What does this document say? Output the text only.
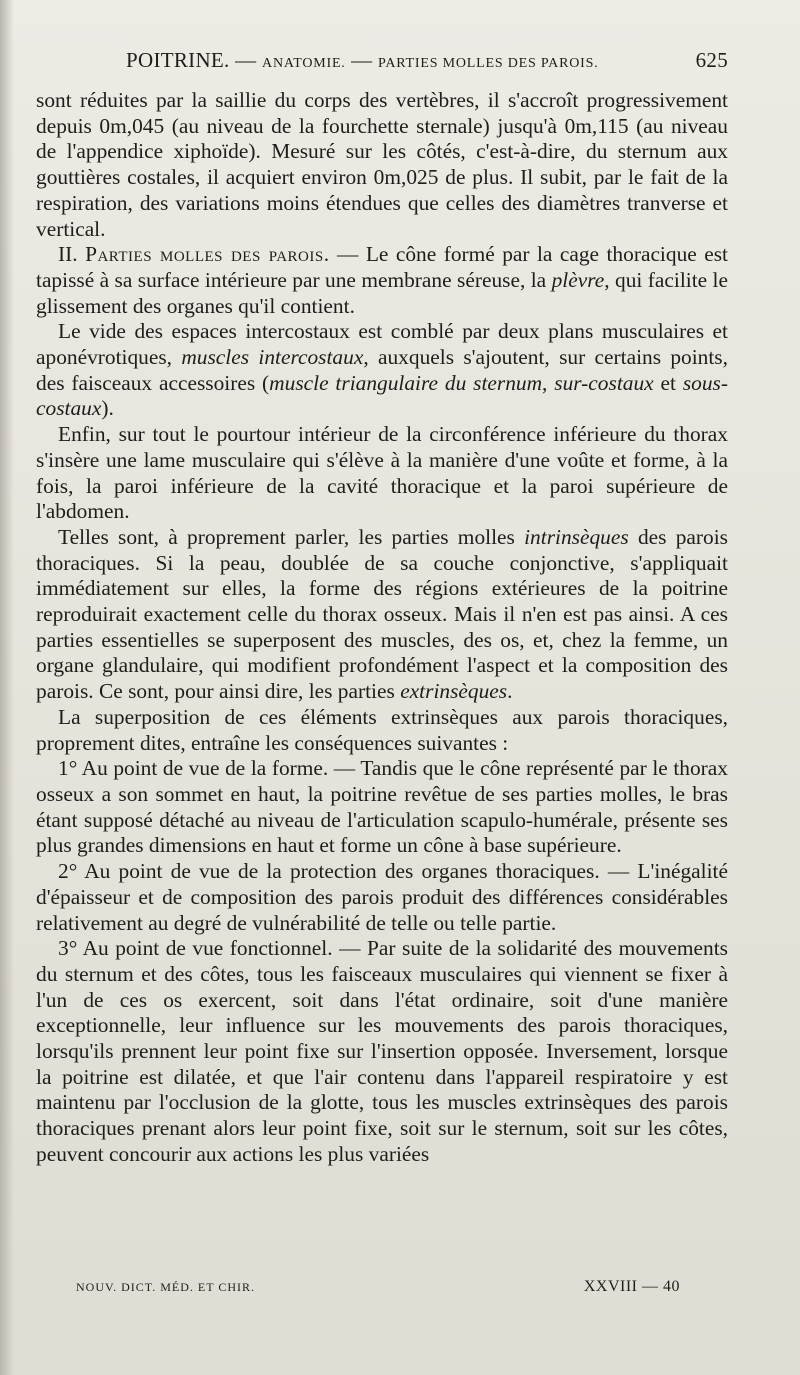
POITRINE. — ANATOMIE. — PARTIES MOLLES DES PAROIS.	625

sont réduites par la saillie du corps des vertèbres, il s'accroît progressivement depuis 0m,045 (au niveau de la fourchette sternale) jusqu'à 0m,115 (au niveau de l'appendice xiphoïde). Mesuré sur les côtés, c'est-à-dire, du sternum aux gouttières costales, il acquiert environ 0m,025 de plus. Il subit, par le fait de la respiration, des variations moins étendues que celles des diamètres tranverse et vertical.

II. Parties molles des parois. — Le cône formé par la cage thoracique est tapissé à sa surface intérieure par une membrane séreuse, la plèvre, qui facilite le glissement des organes qu'il contient.

Le vide des espaces intercostaux est comblé par deux plans musculaires et aponévrotiques, muscles intercostaux, auxquels s'ajoutent, sur certains points, des faisceaux accessoires (muscle triangulaire du sternum, sur-costaux et sous-costaux).

Enfin, sur tout le pourtour intérieur de la circonférence inférieure du thorax s'insère une lame musculaire qui s'élève à la manière d'une voûte et forme, à la fois, la paroi inférieure de la cavité thoracique et la paroi supérieure de l'abdomen.

Telles sont, à proprement parler, les parties molles intrinsèques des parois thoraciques. Si la peau, doublée de sa couche conjonctive, s'appliquait immédiatement sur elles, la forme des régions extérieures de la poitrine reproduirait exactement celle du thorax osseux. Mais il n'en est pas ainsi. A ces parties essentielles se superposent des muscles, des os, et, chez la femme, un organe glandulaire, qui modifient profondément l'aspect et la composition des parois. Ce sont, pour ainsi dire, les parties extrinsèques.

La superposition de ces éléments extrinsèques aux parois thoraciques, proprement dites, entraîne les conséquences suivantes :

1° Au point de vue de la forme. — Tandis que le cône représenté par le thorax osseux a son sommet en haut, la poitrine revêtue de ses parties molles, le bras étant supposé détaché au niveau de l'articulation scapulo-humérale, présente ses plus grandes dimensions en haut et forme un cône à base supérieure.

2° Au point de vue de la protection des organes thoraciques. — L'inégalité d'épaisseur et de composition des parois produit des différences considérables relativement au degré de vulnérabilité de telle ou telle partie.

3° Au point de vue fonctionnel. — Par suite de la solidarité des mouvements du sternum et des côtes, tous les faisceaux musculaires qui viennent se fixer à l'un de ces os exercent, soit dans l'état ordinaire, soit d'une manière exceptionnelle, leur influence sur les mouvements des parois thoraciques, lorsqu'ils prennent leur point fixe sur l'insertion opposée. Inversement, lorsque la poitrine est dilatée, et que l'air contenu dans l'appareil respiratoire y est maintenu par l'occlusion de la glotte, tous les muscles extrinsèques des parois thoraciques prenant alors leur point fixe, soit sur le sternum, soit sur les côtes, peuvent concourir aux actions les plus variées

NOUV. DICT. MÉD. ET CHIR.	XXVIII — 40
